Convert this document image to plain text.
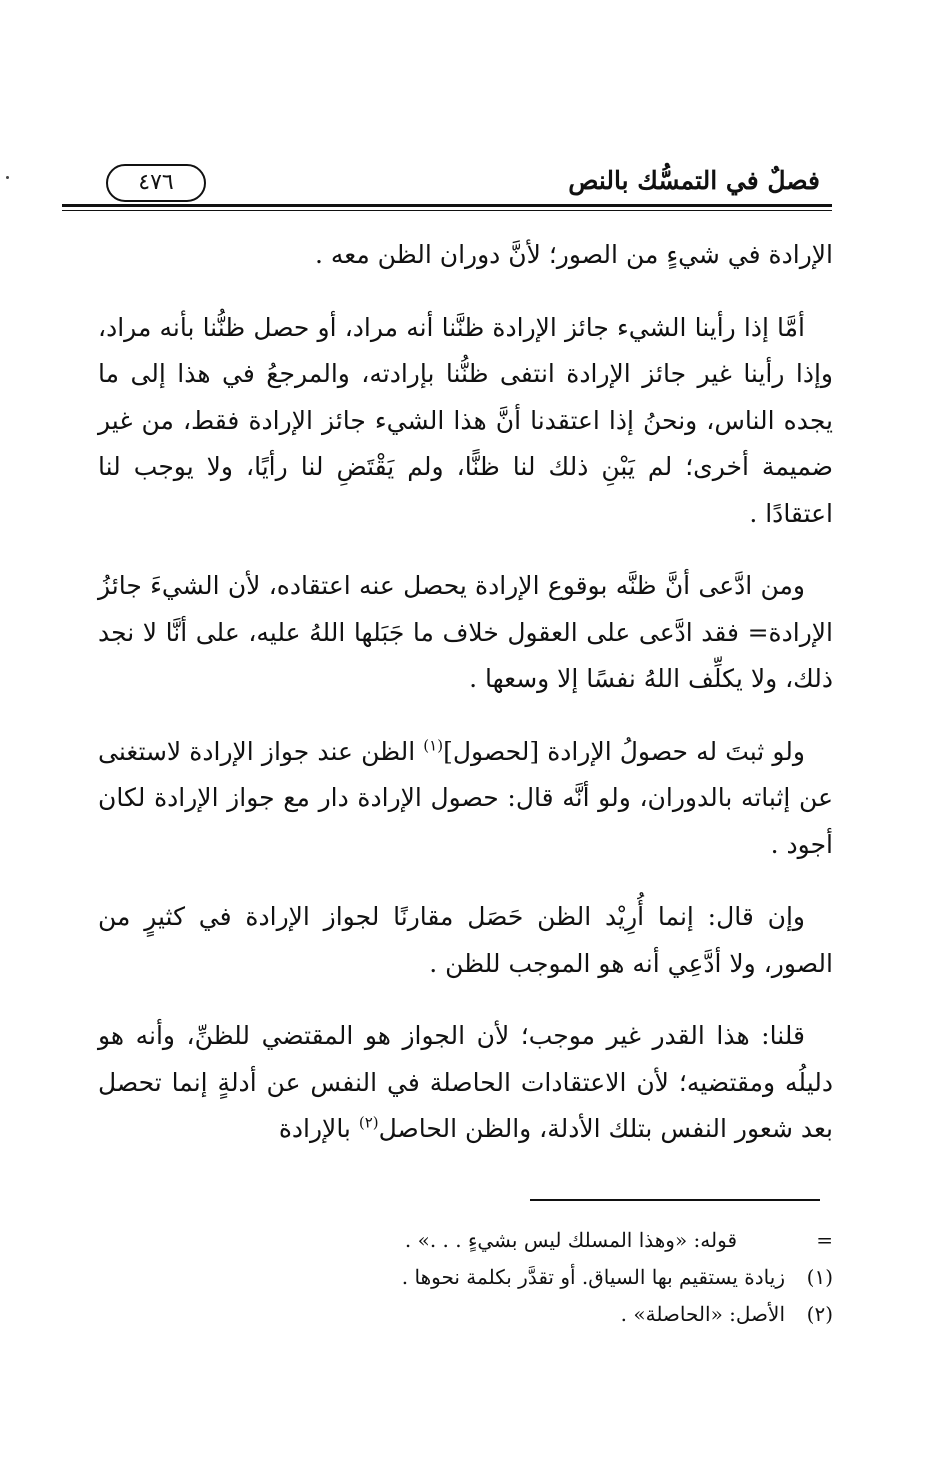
فصلٌ في التمسُّك بالنص
٤٧٦

الإرادة في شيءٍ من الصور؛ لأنَّ دوران الظن معه .

أمَّا إذا رأينا الشيء جائز الإرادة ظنَّنا أنه مراد، أو حصل ظنُّنا بأنه مراد، وإذا رأينا غير جائز الإرادة انتفى ظنُّنا بإرادته، والمرجعُ في هذا إلى ما يجده الناس، ونحنُ إذا اعتقدنا أنَّ هذا الشيء جائز الإرادة فقط، من غير ضميمة أخرى؛ لم يَبْنِ ذلك لنا ظنًّا، ولم يَقْتَضِ لنا رأيًا، ولا يوجب لنا اعتقادًا .

ومن ادَّعى أنَّ ظنَّه بوقوع الإرادة يحصل عنه اعتقاده، لأن الشيءَ جائزُ الإرادة= فقد ادَّعى على العقول خلاف ما جَبَلها اللهُ عليه، على أنَّا لا نجد ذلك، ولا يكلِّف اللهُ نفسًا إلا وسعها .

ولو ثبتَ له حصولُ الإرادة [لحصول]$^{(١)}$ الظن عند جواز الإرادة لاستغنى عن إثباته بالدوران، ولو أنَّه قال: حصول الإرادة دار مع جواز الإرادة لكان أجود .

وإن قال: إنما أُرِيْد الظن حَصَل مقارنًا لجواز الإرادة في كثيرٍ من الصور، ولا أدَّعِي أنه هو الموجب للظن .

قلنا: هذا القدر غير موجب؛ لأن الجواز هو المقتضي للظنِّ، وأنه هو دليلُه ومقتضيه؛ لأن الاعتقادات الحاصلة في النفس عن أدلةٍ إنما تحصل بعد شعور النفس بتلك الأدلة، والظن الحاصل$^{(٢)}$ بالإرادة

=
قوله: «وهذا المسلك ليس بشيءٍ . . .» .
(١)زيادة يستقيم بها السياق. أو تقدَّر بكلمة نحوها .
(٢)الأصل: «الحاصلة» .
